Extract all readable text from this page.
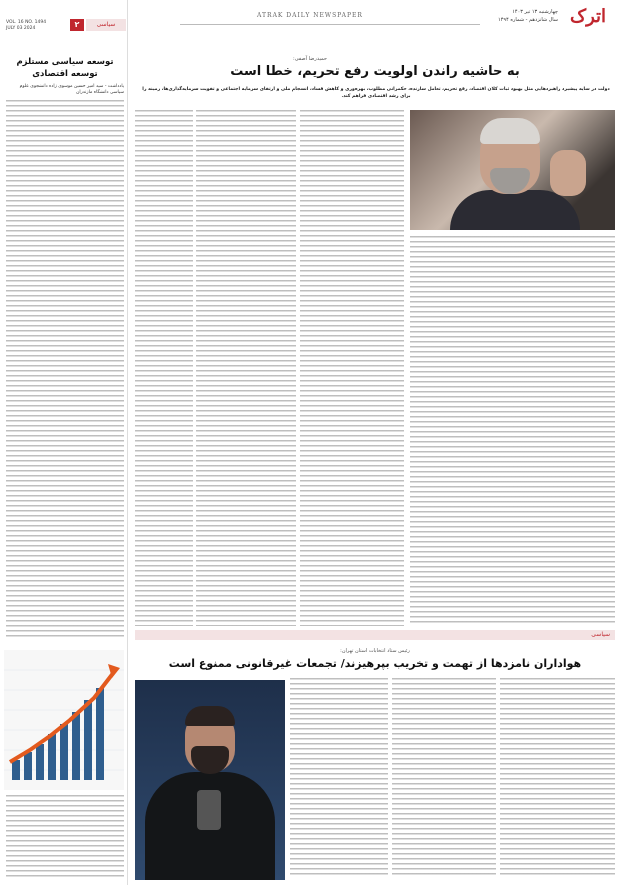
اترک
چهارشنبه ۱۳ تیر ۱۴۰۳
سال شانزدهم - شماره ۱۴۹۴
ATRAK DAILY NEWSPAPER
VOL. 16 NO. 1494
JULY 03 2024	۲	سیاسی
توسعه سیاسی مستلزم توسعه اقتصادی
یادداشت - سید امیر حسین موسوی زاده دانشجوی علوم سیاسی دانشگاه مازندران
حمیدرضا آصفی:
به حاشیه راندن اولویت رفع تحریم، خطا است
دولت در سایه پیشبرد راهبردهایی مثل بهبود ثبات کلان اقتصاد، رفع تحریم، تعامل سازنده، حکمرانی مطلوب، بهره‌وری و کاهش فساد، انسجام ملی و ارتقای سرمایه اجتماعی و تقویت سرمایه‌گذاری‌ها، زمینه را برای رشد اقتصادی فراهم کند.
سیاسی
رئیس ستاد انتخابات استان تهران:
هواداران نامزدها از تهمت و تخریب بپرهیزند/ تجمعات غیرقانونی ممنوع است
